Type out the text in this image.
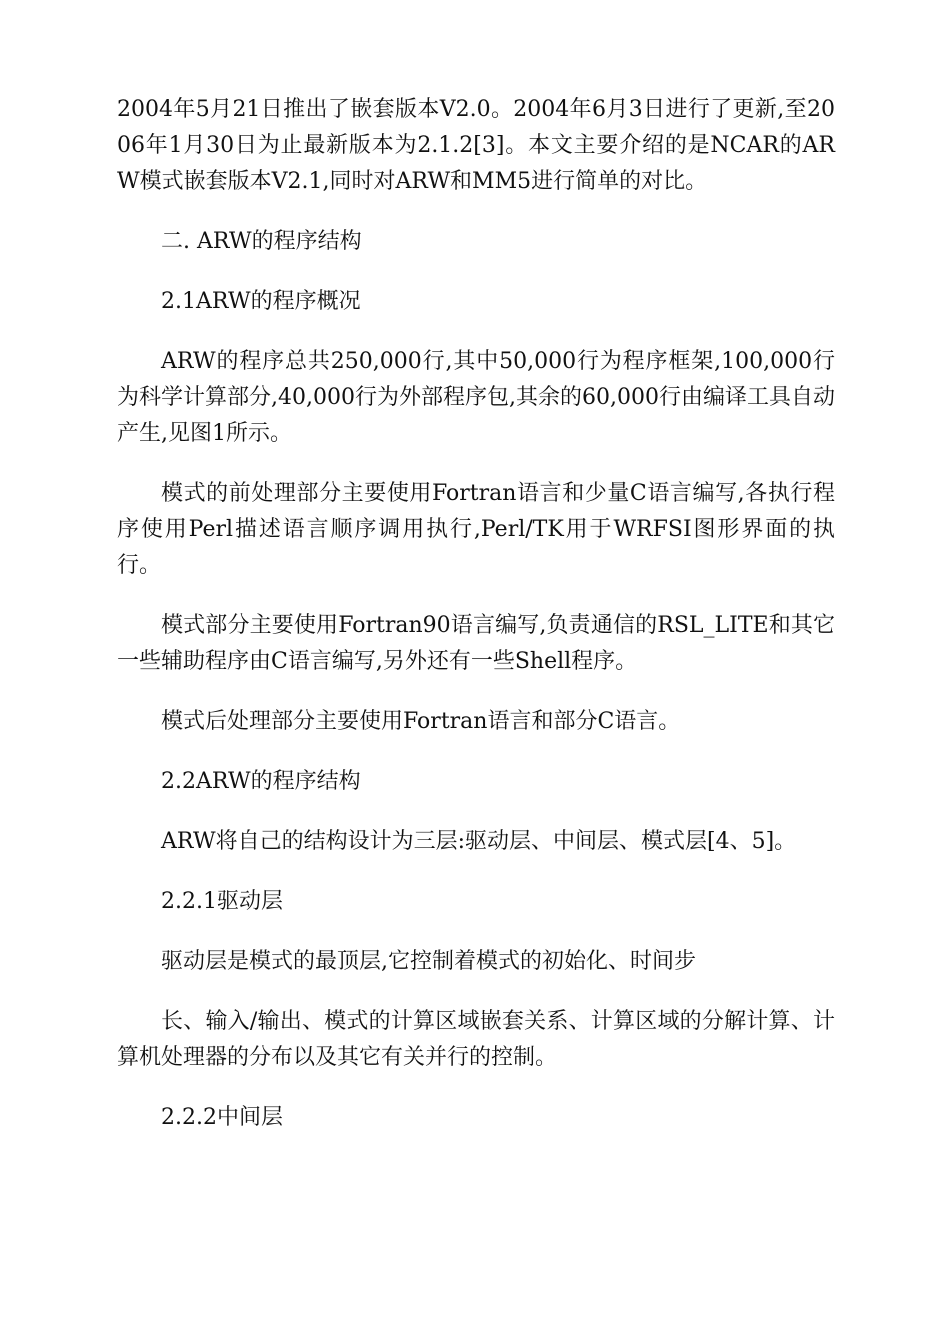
2004年5月21日推出了嵌套版本V2.0。2004年6月3日进行了更新,至2006年1月30日为止最新版本为2.1.2[3]。本文主要介绍的是NCAR的ARW模式嵌套版本V2.1,同时对ARW和MM5进行简单的对比。

二. ARW的程序结构

2.1ARW的程序概况

ARW的程序总共250,000行,其中50,000行为程序框架,100,000行为科学计算部分,40,000行为外部程序包,其余的60,000行由编译工具自动产生,见图1所示。

模式的前处理部分主要使用Fortran语言和少量C语言编写,各执行程序使用Perl描述语言顺序调用执行,Perl/TK用于WRFSI图形界面的执行。

模式部分主要使用Fortran90语言编写,负责通信的RSL_LITE和其它一些辅助程序由C语言编写,另外还有一些Shell程序。

模式后处理部分主要使用Fortran语言和部分C语言。

2.2ARW的程序结构

ARW将自己的结构设计为三层:驱动层、中间层、模式层[4、5]。

2.2.1驱动层

驱动层是模式的最顶层,它控制着模式的初始化、时间步

长、输入/输出、模式的计算区域嵌套关系、计算区域的分解计算、计算机处理器的分布以及其它有关并行的控制。

2.2.2中间层
